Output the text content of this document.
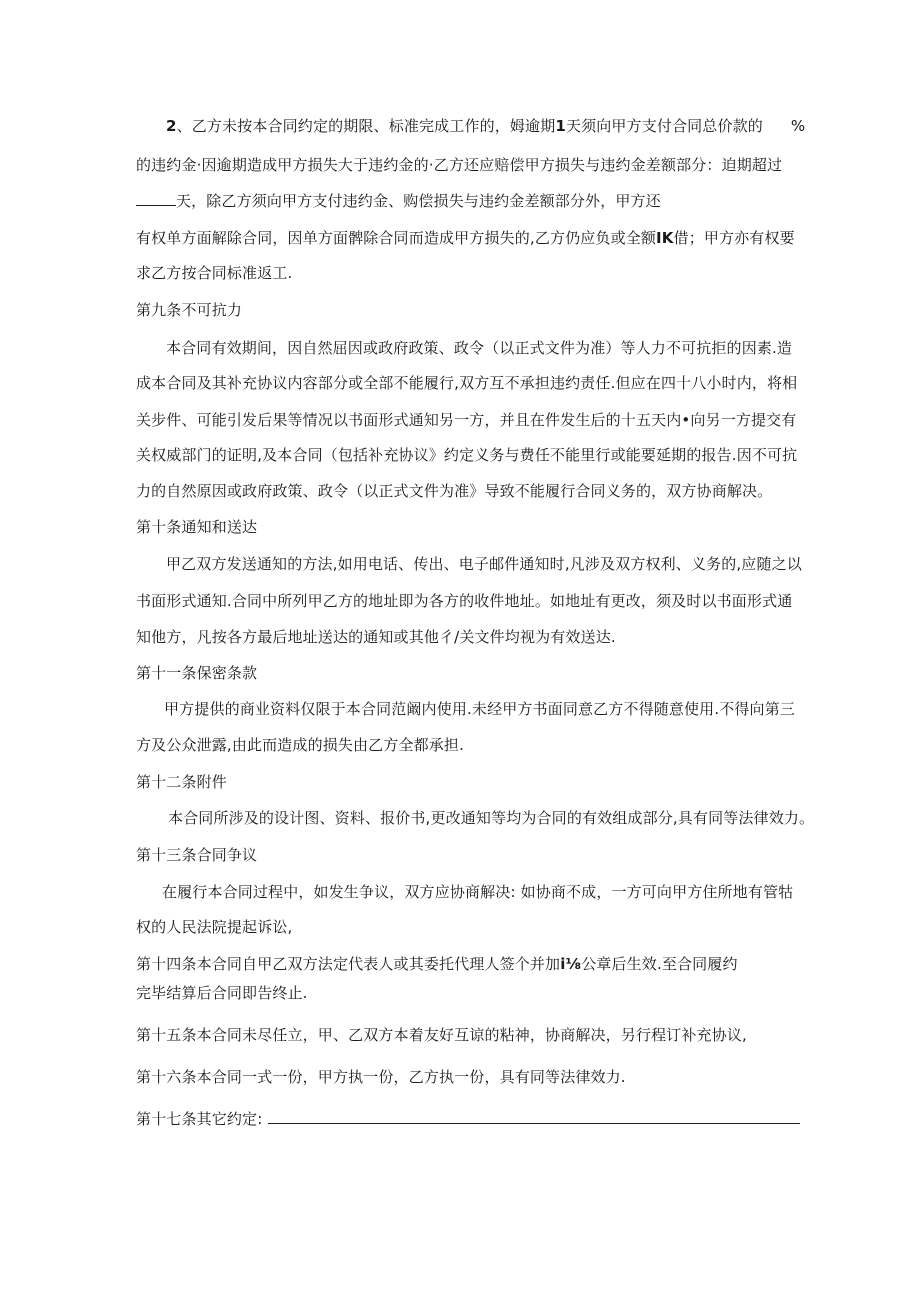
2、乙方未按本合同约定的期限、标准完成工作的，姆逾期1天须向甲方支付合同总价款的 %
的违约金·因逾期造成甲方损失大于违约金的·乙方还应赔偿甲方损失与违约金差额部分：迫期超过
天，除乙方须向甲方支付违约金、购偿损失与违约金差额部分外，甲方还
有权单方面解除合同，因单方面髀除合同而造成甲方损失的,乙方仍应负或全额IK借；甲方亦有权要
求乙方按合同标准返工.
第九条不可抗力
本合同有效期间，因自然屈因或政府政策、政令（以正式文件为准）等人力不可抗拒的因素.造
成本合同及其补充协议内容部分或全部不能履行,双方互不承担违约责任.但应在四十八小时内，将相
关步件、可能引发后果等情况以书面形式通知另一方，并且在件发生后的十五天内•向另一方提交有
关权威部门的证明,及本合同（包括补充协议》约定义务与费任不能里行或能要延期的报告.因不可抗
力的自然原因或政府政策、政令（以正式文件为准》导致不能履行合同义务的，双方协商解决。
第十条通知和送达
甲乙双方发送通知的方法,如用电话、传出、电子邮件通知时,凡涉及双方权利、义务的,应随之以
书面形式通知.合同中所列甲乙方的地址即为各方的收件地址。如地址有更改，须及时以书面形式通
知他方，凡按各方最后地址送达的通知或其他彳/关文件均视为有效送达.
第十一条保密条款
甲方提供的商业资料仅限于本合同范阚内使用.未经甲方书面同意乙方不得随意使用.不得向第三
方及公众泄露,由此而造成的损失由乙方全都承担.
第十二条附件
本合同所涉及的设计图、资料、报价书,更改通知等均为合同的有效组成部分,具有同等法律效力。
第十三条合同争议
在履行本合同过程中，如发生争议，双方应协商解决: 如协商不成，一方可向甲方住所地有管牯
权的人民法院提起诉讼,
第十四条本合同自甲乙双方法定代表人或其委托代理人签个并加i⅛公章后生效.至合同履约
完毕结算后合同即告终止.
第十五条本合同未尽任立，甲、乙双方本着友好互谅的粘神，协商解决，另行程订补充协议,
第十六条本合同一式一份，甲方执一份，乙方执一份，具有同等法律效力.
第十七条其它约定:
